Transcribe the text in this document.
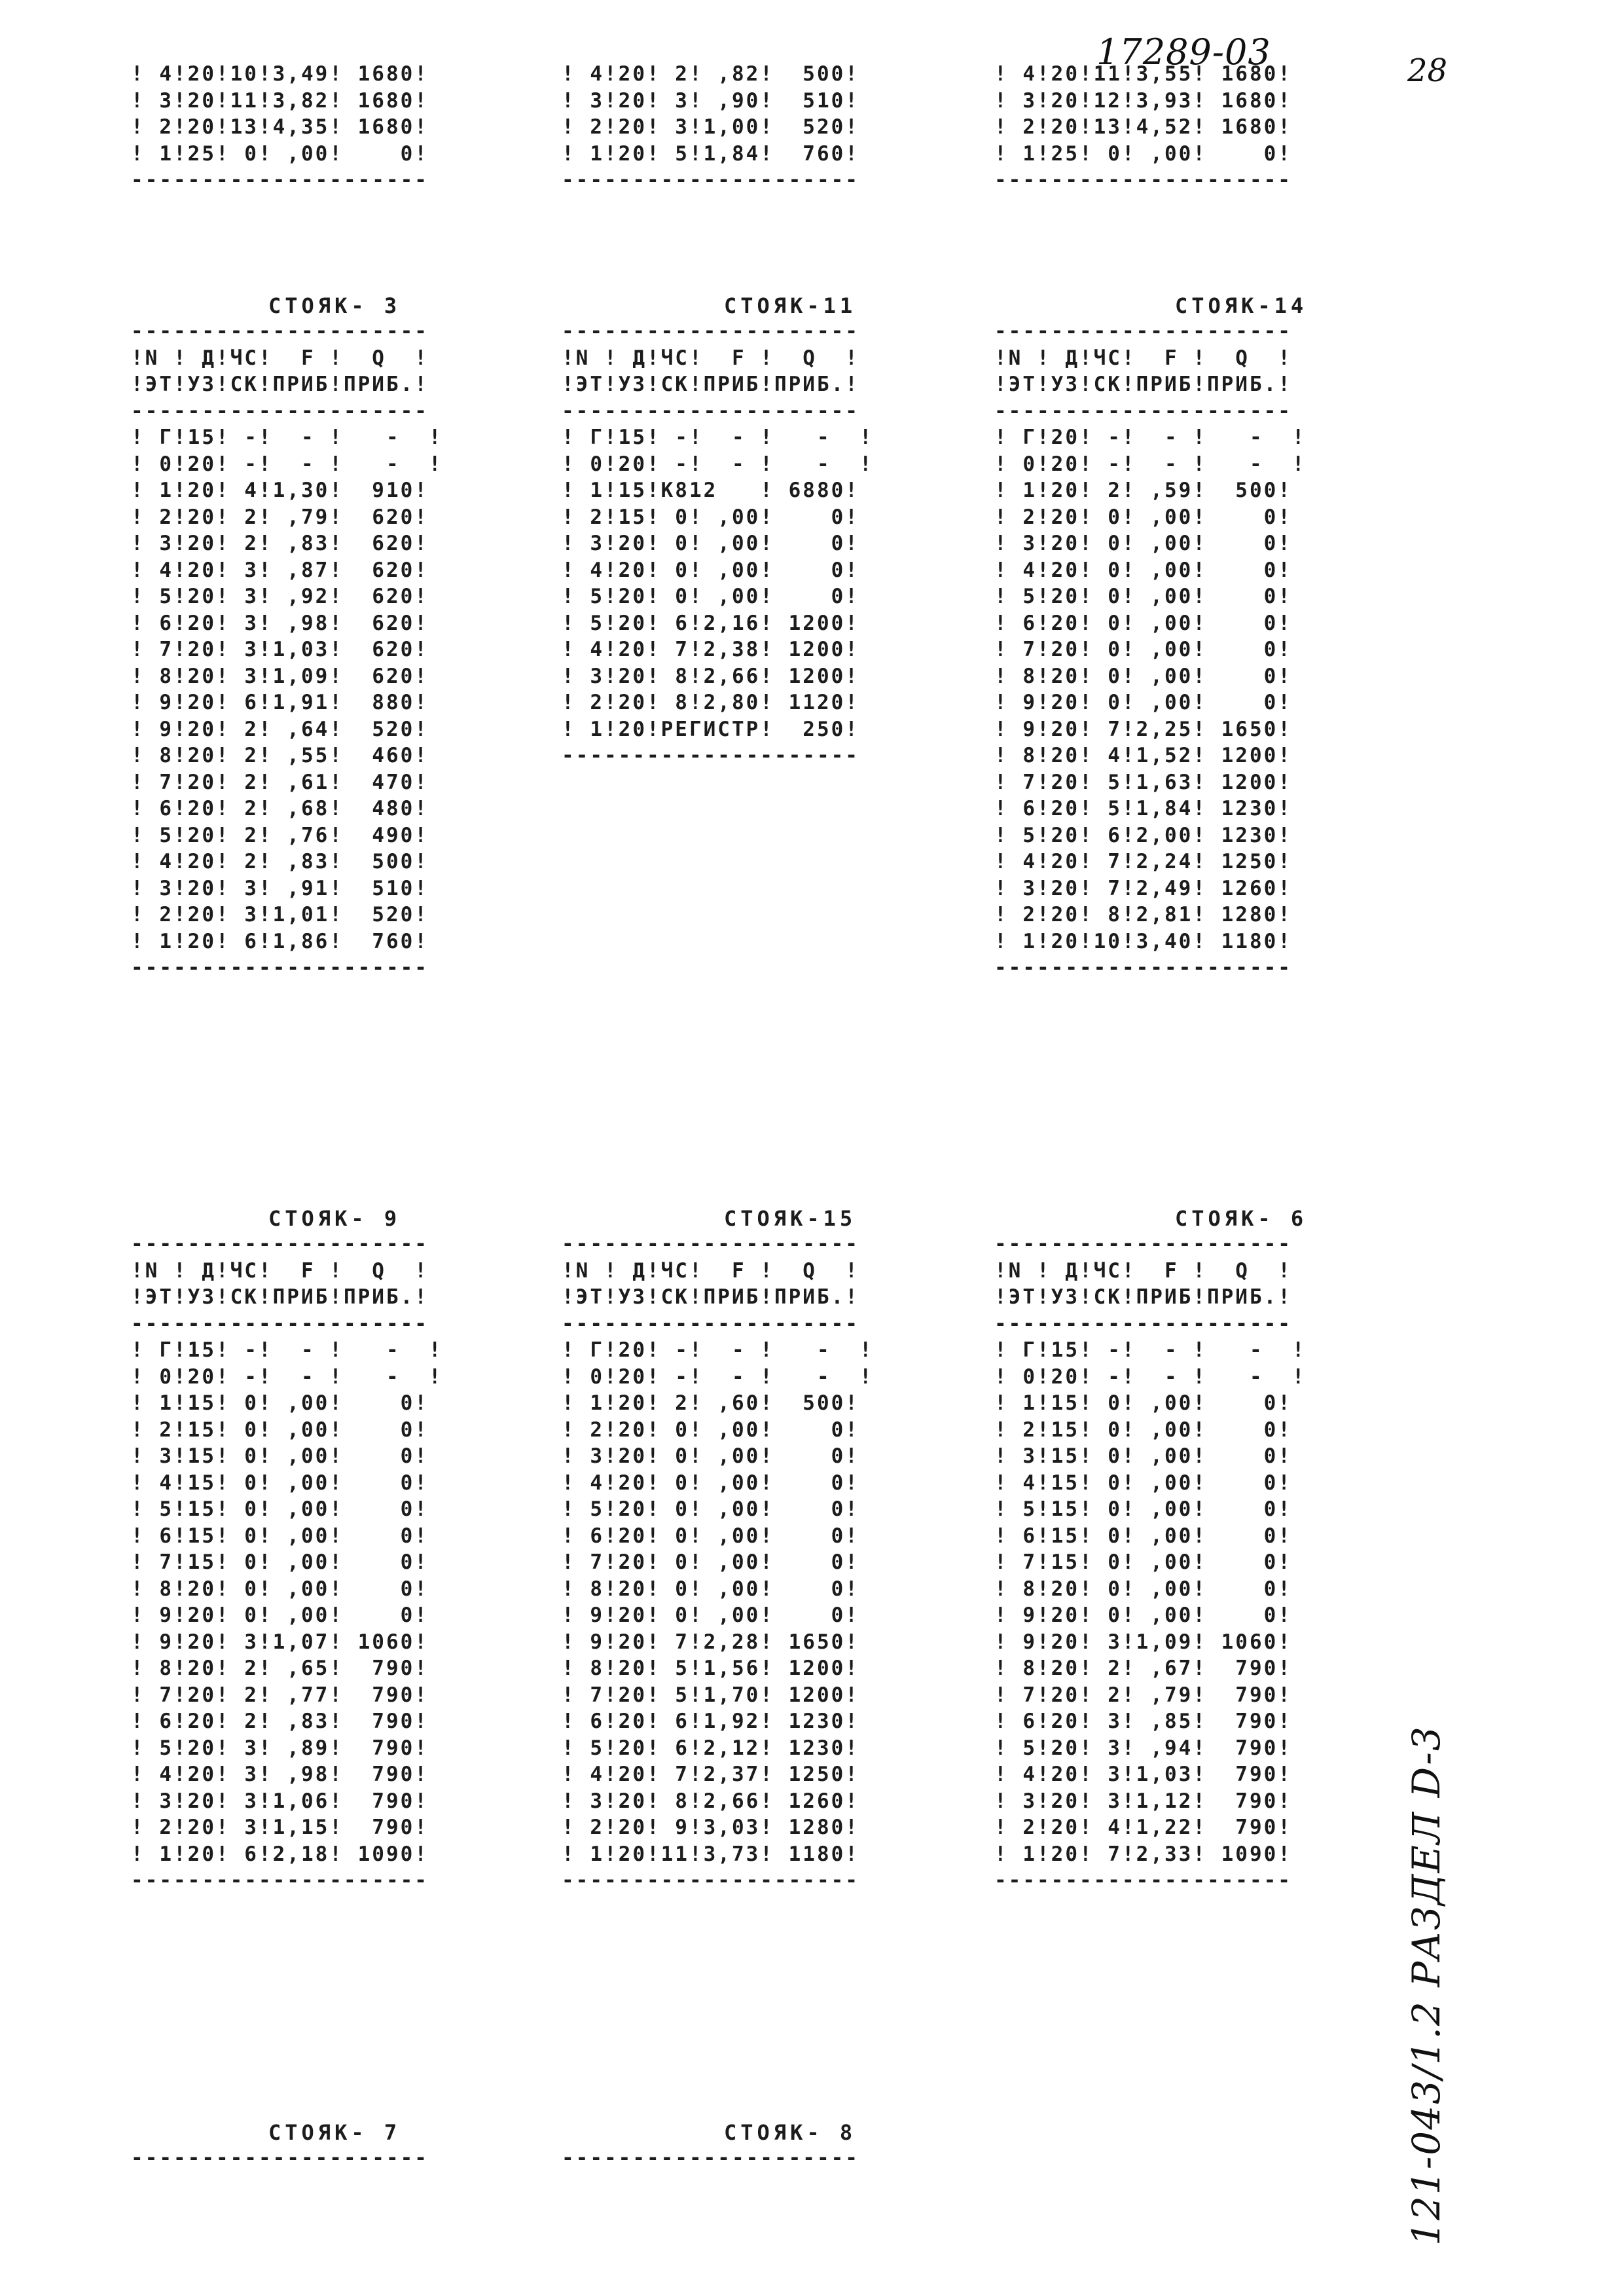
17289-03	28
121-043/1.2 РАЗДЕЛ D-3
! 4!20!10!3,49! 1680!
! 3!20!11!3,82! 1680!
! 2!20!13!4,35! 1680!
! 1!25! 0! ,00!    0!
---------------------
! 4!20! 2! ,82!  500!
! 3!20! 3! ,90!  510!
! 2!20! 3!1,00!  520!
! 1!20! 5!1,84!  760!
---------------------
! 4!20!11!3,55! 1680!
! 3!20!12!3,93! 1680!
! 2!20!13!4,52! 1680!
! 1!25! 0! ,00!    0!
---------------------
СТОЯК- 3	СТОЯК-11	СТОЯК-14
---------------------
!N ! Д!ЧС!  F !  Q  !
!ЭТ!УЗ!СК!ПРИБ!ПРИБ.!
---------------------
! Г!15! -!  - !   -  !
! 0!20! -!  - !   -  !
! 1!20! 4!1,30!  910!
! 2!20! 2! ,79!  620!
! 3!20! 2! ,83!  620!
! 4!20! 3! ,87!  620!
! 5!20! 3! ,92!  620!
! 6!20! 3! ,98!  620!
! 7!20! 3!1,03!  620!
! 8!20! 3!1,09!  620!
! 9!20! 6!1,91!  880!
! 9!20! 2! ,64!  520!
! 8!20! 2! ,55!  460!
! 7!20! 2! ,61!  470!
! 6!20! 2! ,68!  480!
! 5!20! 2! ,76!  490!
! 4!20! 2! ,83!  500!
! 3!20! 3! ,91!  510!
! 2!20! 3!1,01!  520!
! 1!20! 6!1,86!  760!
---------------------
---------------------
!N ! Д!ЧС!  F !  Q  !
!ЭТ!УЗ!СК!ПРИБ!ПРИБ.!
---------------------
! Г!15! -!  - !   -  !
! 0!20! -!  - !   -  !
! 1!15!К812   ! 6880!
! 2!15! 0! ,00!    0!
! 3!20! 0! ,00!    0!
! 4!20! 0! ,00!    0!
! 5!20! 0! ,00!    0!
! 5!20! 6!2,16! 1200!
! 4!20! 7!2,38! 1200!
! 3!20! 8!2,66! 1200!
! 2!20! 8!2,80! 1120!
! 1!20!РЕГИСТР!  250!
---------------------
---------------------
!N ! Д!ЧС!  F !  Q  !
!ЭТ!УЗ!СК!ПРИБ!ПРИБ.!
---------------------
! Г!20! -!  - !   -  !
! 0!20! -!  - !   -  !
! 1!20! 2! ,59!  500!
! 2!20! 0! ,00!    0!
! 3!20! 0! ,00!    0!
! 4!20! 0! ,00!    0!
! 5!20! 0! ,00!    0!
! 6!20! 0! ,00!    0!
! 7!20! 0! ,00!    0!
! 8!20! 0! ,00!    0!
! 9!20! 0! ,00!    0!
! 9!20! 7!2,25! 1650!
! 8!20! 4!1,52! 1200!
! 7!20! 5!1,63! 1200!
! 6!20! 5!1,84! 1230!
! 5!20! 6!2,00! 1230!
! 4!20! 7!2,24! 1250!
! 3!20! 7!2,49! 1260!
! 2!20! 8!2,81! 1280!
! 1!20!10!3,40! 1180!
---------------------
СТОЯК- 9	СТОЯК-15	СТОЯК- 6
---------------------
!N ! Д!ЧС!  F !  Q  !
!ЭТ!УЗ!СК!ПРИБ!ПРИБ.!
---------------------
! Г!15! -!  - !   -  !
! 0!20! -!  - !   -  !
! 1!15! 0! ,00!    0!
! 2!15! 0! ,00!    0!
! 3!15! 0! ,00!    0!
! 4!15! 0! ,00!    0!
! 5!15! 0! ,00!    0!
! 6!15! 0! ,00!    0!
! 7!15! 0! ,00!    0!
! 8!20! 0! ,00!    0!
! 9!20! 0! ,00!    0!
! 9!20! 3!1,07! 1060!
! 8!20! 2! ,65!  790!
! 7!20! 2! ,77!  790!
! 6!20! 2! ,83!  790!
! 5!20! 3! ,89!  790!
! 4!20! 3! ,98!  790!
! 3!20! 3!1,06!  790!
! 2!20! 3!1,15!  790!
! 1!20! 6!2,18! 1090!
---------------------
---------------------
!N ! Д!ЧС!  F !  Q  !
!ЭТ!УЗ!СК!ПРИБ!ПРИБ.!
---------------------
! Г!20! -!  - !   -  !
! 0!20! -!  - !   -  !
! 1!20! 2! ,60!  500!
! 2!20! 0! ,00!    0!
! 3!20! 0! ,00!    0!
! 4!20! 0! ,00!    0!
! 5!20! 0! ,00!    0!
! 6!20! 0! ,00!    0!
! 7!20! 0! ,00!    0!
! 8!20! 0! ,00!    0!
! 9!20! 0! ,00!    0!
! 9!20! 7!2,28! 1650!
! 8!20! 5!1,56! 1200!
! 7!20! 5!1,70! 1200!
! 6!20! 6!1,92! 1230!
! 5!20! 6!2,12! 1230!
! 4!20! 7!2,37! 1250!
! 3!20! 8!2,66! 1260!
! 2!20! 9!3,03! 1280!
! 1!20!11!3,73! 1180!
---------------------
---------------------
!N ! Д!ЧС!  F !  Q  !
!ЭТ!УЗ!СК!ПРИБ!ПРИБ.!
---------------------
! Г!15! -!  - !   -  !
! 0!20! -!  - !   -  !
! 1!15! 0! ,00!    0!
! 2!15! 0! ,00!    0!
! 3!15! 0! ,00!    0!
! 4!15! 0! ,00!    0!
! 5!15! 0! ,00!    0!
! 6!15! 0! ,00!    0!
! 7!15! 0! ,00!    0!
! 8!20! 0! ,00!    0!
! 9!20! 0! ,00!    0!
! 9!20! 3!1,09! 1060!
! 8!20! 2! ,67!  790!
! 7!20! 2! ,79!  790!
! 6!20! 3! ,85!  790!
! 5!20! 3! ,94!  790!
! 4!20! 3!1,03!  790!
! 3!20! 3!1,12!  790!
! 2!20! 4!1,22!  790!
! 1!20! 7!2,33! 1090!
---------------------
СТОЯК- 7	СТОЯК- 8
---------------------	---------------------
